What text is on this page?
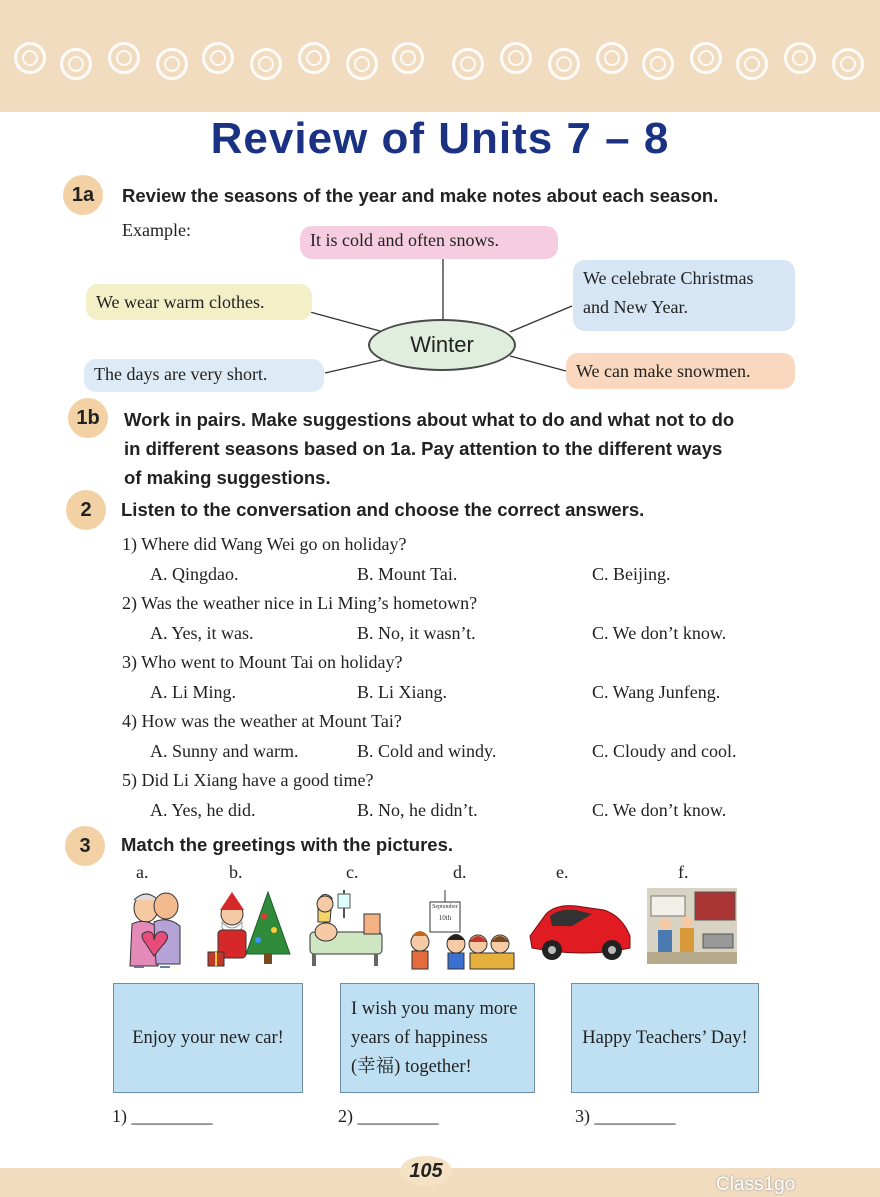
Review of Units 7 – 8
1a	Review the seasons of the year and make notes about each season.
Example:	It is cold and often snows.
We wear warm clothes.
The days are very short.
We celebrate Christmas
and New Year.
We can make snowmen.
Winter
1b	Work in pairs. Make suggestions about what to do and what not to do
in different seasons based on 1a. Pay attention to the different ways
of making suggestions.
2	Listen to the conversation and choose the correct answers.
1) Where did Wang Wei go on holiday?
A. Qingdao.	B. Mount Tai.	C. Beijing.
2) Was the weather nice in Li Ming’s hometown?
A. Yes, it was.	B. No, it wasn’t.	C. We don’t know.
3) Who went to Mount Tai on holiday?
A. Li Ming.	B. Li Xiang.	C. Wang Junfeng.
4) How was the weather at Mount Tai?
A. Sunny and warm.	B. Cold and windy.	C. Cloudy and cool.
5) Did Li Xiang have a good time?
A. Yes, he did.	B. No, he didn’t.	C. We don’t know.
3	Match the greetings with the pictures.
a.	b.	c.	d.	e.	f.
September
10th
Enjoy your new car!
I wish you many more
years of happiness
(幸福) together!
Happy Teachers’ Day!
1) _________	2) _________	3) _________
105
Class1go
